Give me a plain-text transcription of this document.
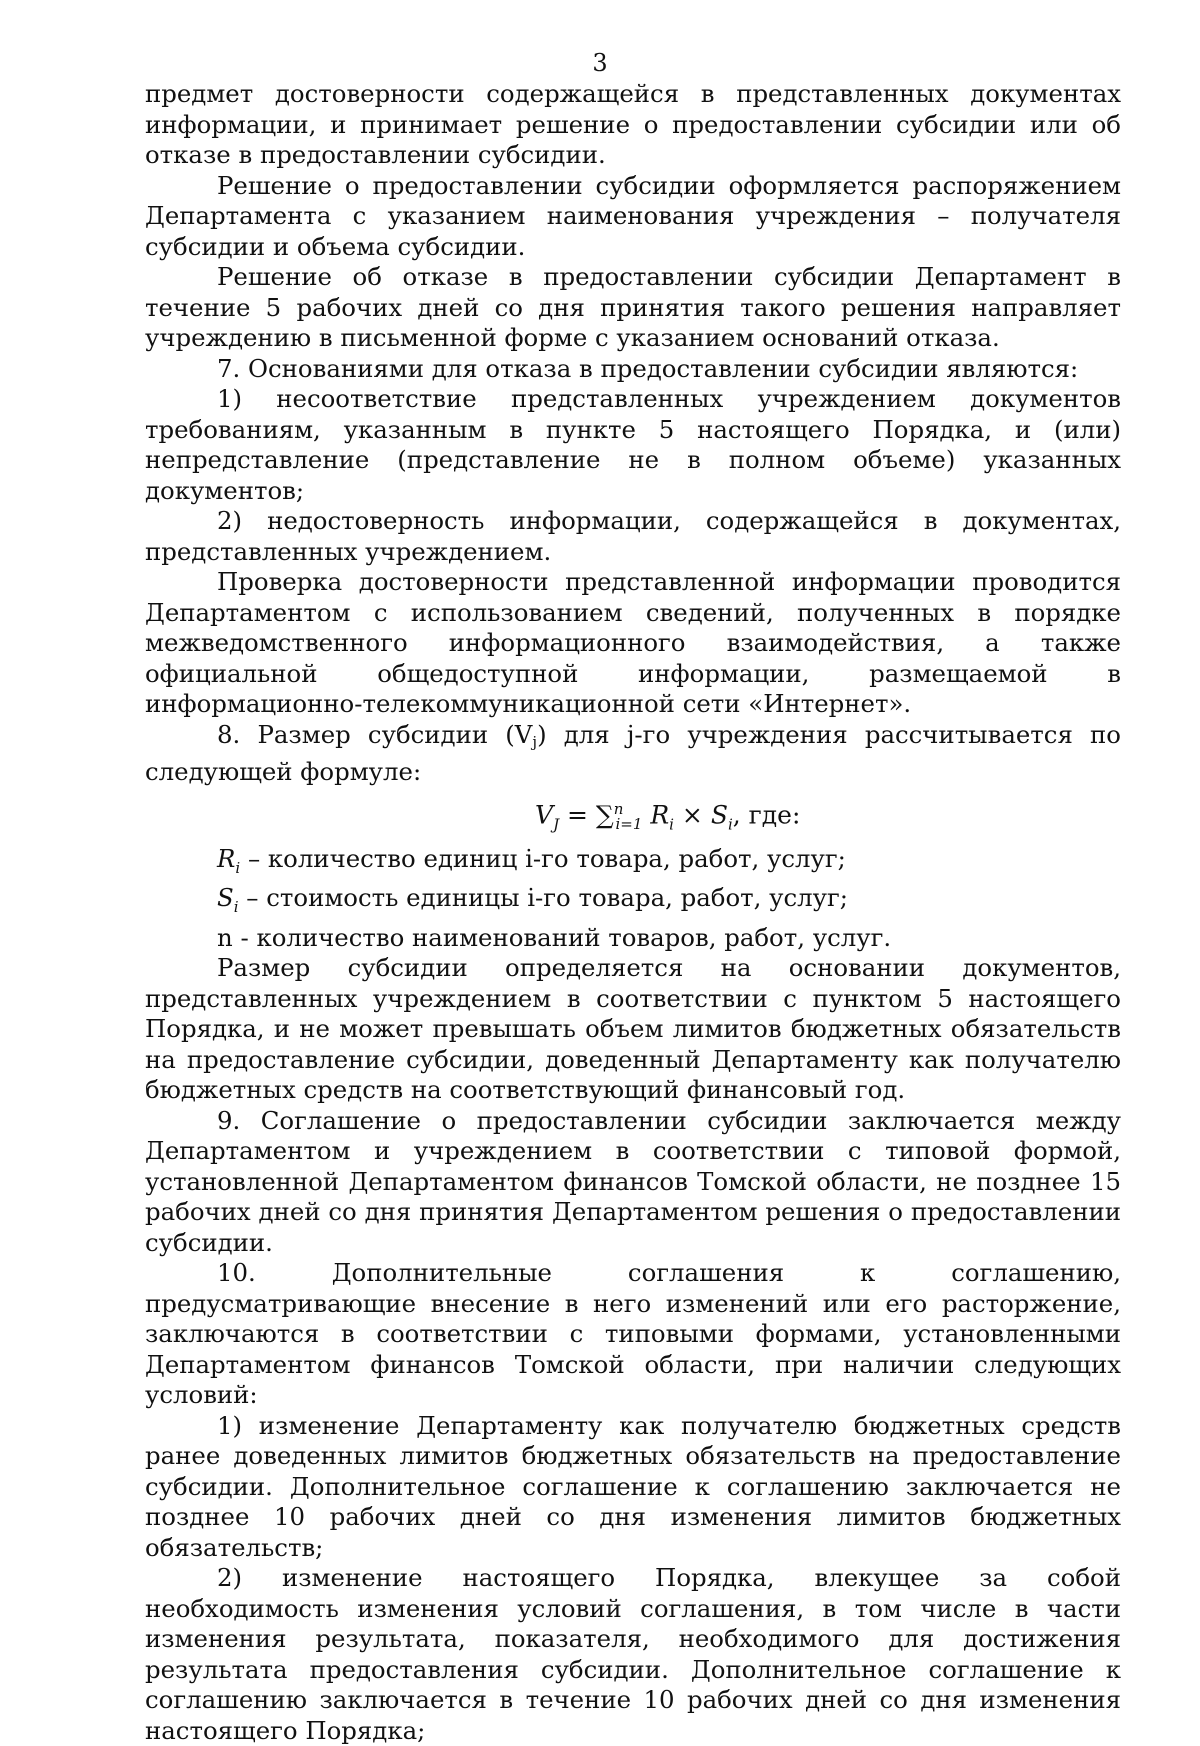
3

предмет достоверности содержащейся в представленных документах информации, и принимает решение о предоставлении субсидии или об отказе в предоставлении субсидии.

Решение о предоставлении субсидии оформляется распоряжением Департамента с указанием наименования учреждения – получателя субсидии и объема субсидии.

Решение об отказе в предоставлении субсидии Департамент в течение 5 рабочих дней со дня принятия такого решения направляет учреждению в письменной форме с указанием оснований отказа.

7. Основаниями для отказа в предоставлении субсидии являются:

1) несоответствие представленных учреждением документов требованиям, указанным в пункте 5 настоящего Порядка, и (или) непредставление (представление не в полном объеме) указанных документов;

2) недостоверность информации, содержащейся в документах, представленных учреждением.

Проверка достоверности представленной информации проводится Департаментом с использованием сведений, полученных в порядке межведомственного информационного взаимодействия, а также официальной общедоступной информации, размещаемой в информационно-телекоммуникационной сети «Интернет».

8. Размер субсидии (Vj) для j-го учреждения рассчитывается по следующей формуле:

$V_J = \sum^n_{i=1}$ $R_i \times S_i$, где:

$R_i$ – количество единиц i-го товара, работ, услуг;

$S_i$ – стоимость единицы i-го товара, работ, услуг;

n - количество наименований товаров, работ, услуг.

Размер субсидии определяется на основании документов, представленных учреждением в соответствии с пунктом 5 настоящего Порядка, и не может превышать объем лимитов бюджетных обязательств на предоставление субсидии, доведенный Департаменту как получателю бюджетных средств на соответствующий финансовый год.

9. Соглашение о предоставлении субсидии заключается между Департаментом и учреждением в соответствии с типовой формой, установленной Департаментом финансов Томской области, не позднее 15 рабочих дней со дня принятия Департаментом решения о предоставлении субсидии.

10. Дополнительные соглашения к соглашению, предусматривающие внесение в него изменений или его расторжение, заключаются в соответствии с типовыми формами, установленными Департаментом финансов Томской области, при наличии следующих условий:

1) изменение Департаменту как получателю бюджетных средств ранее доведенных лимитов бюджетных обязательств на предоставление субсидии. Дополнительное соглашение к соглашению заключается не позднее 10 рабочих дней со дня изменения лимитов бюджетных обязательств;

2) изменение настоящего Порядка, влекущее за собой необходимость изменения условий соглашения, в том числе в части изменения результата, показателя, необходимого для достижения результата предоставления субсидии. Дополнительное соглашение к соглашению заключается в течение 10 рабочих дней со дня изменения настоящего Порядка;
